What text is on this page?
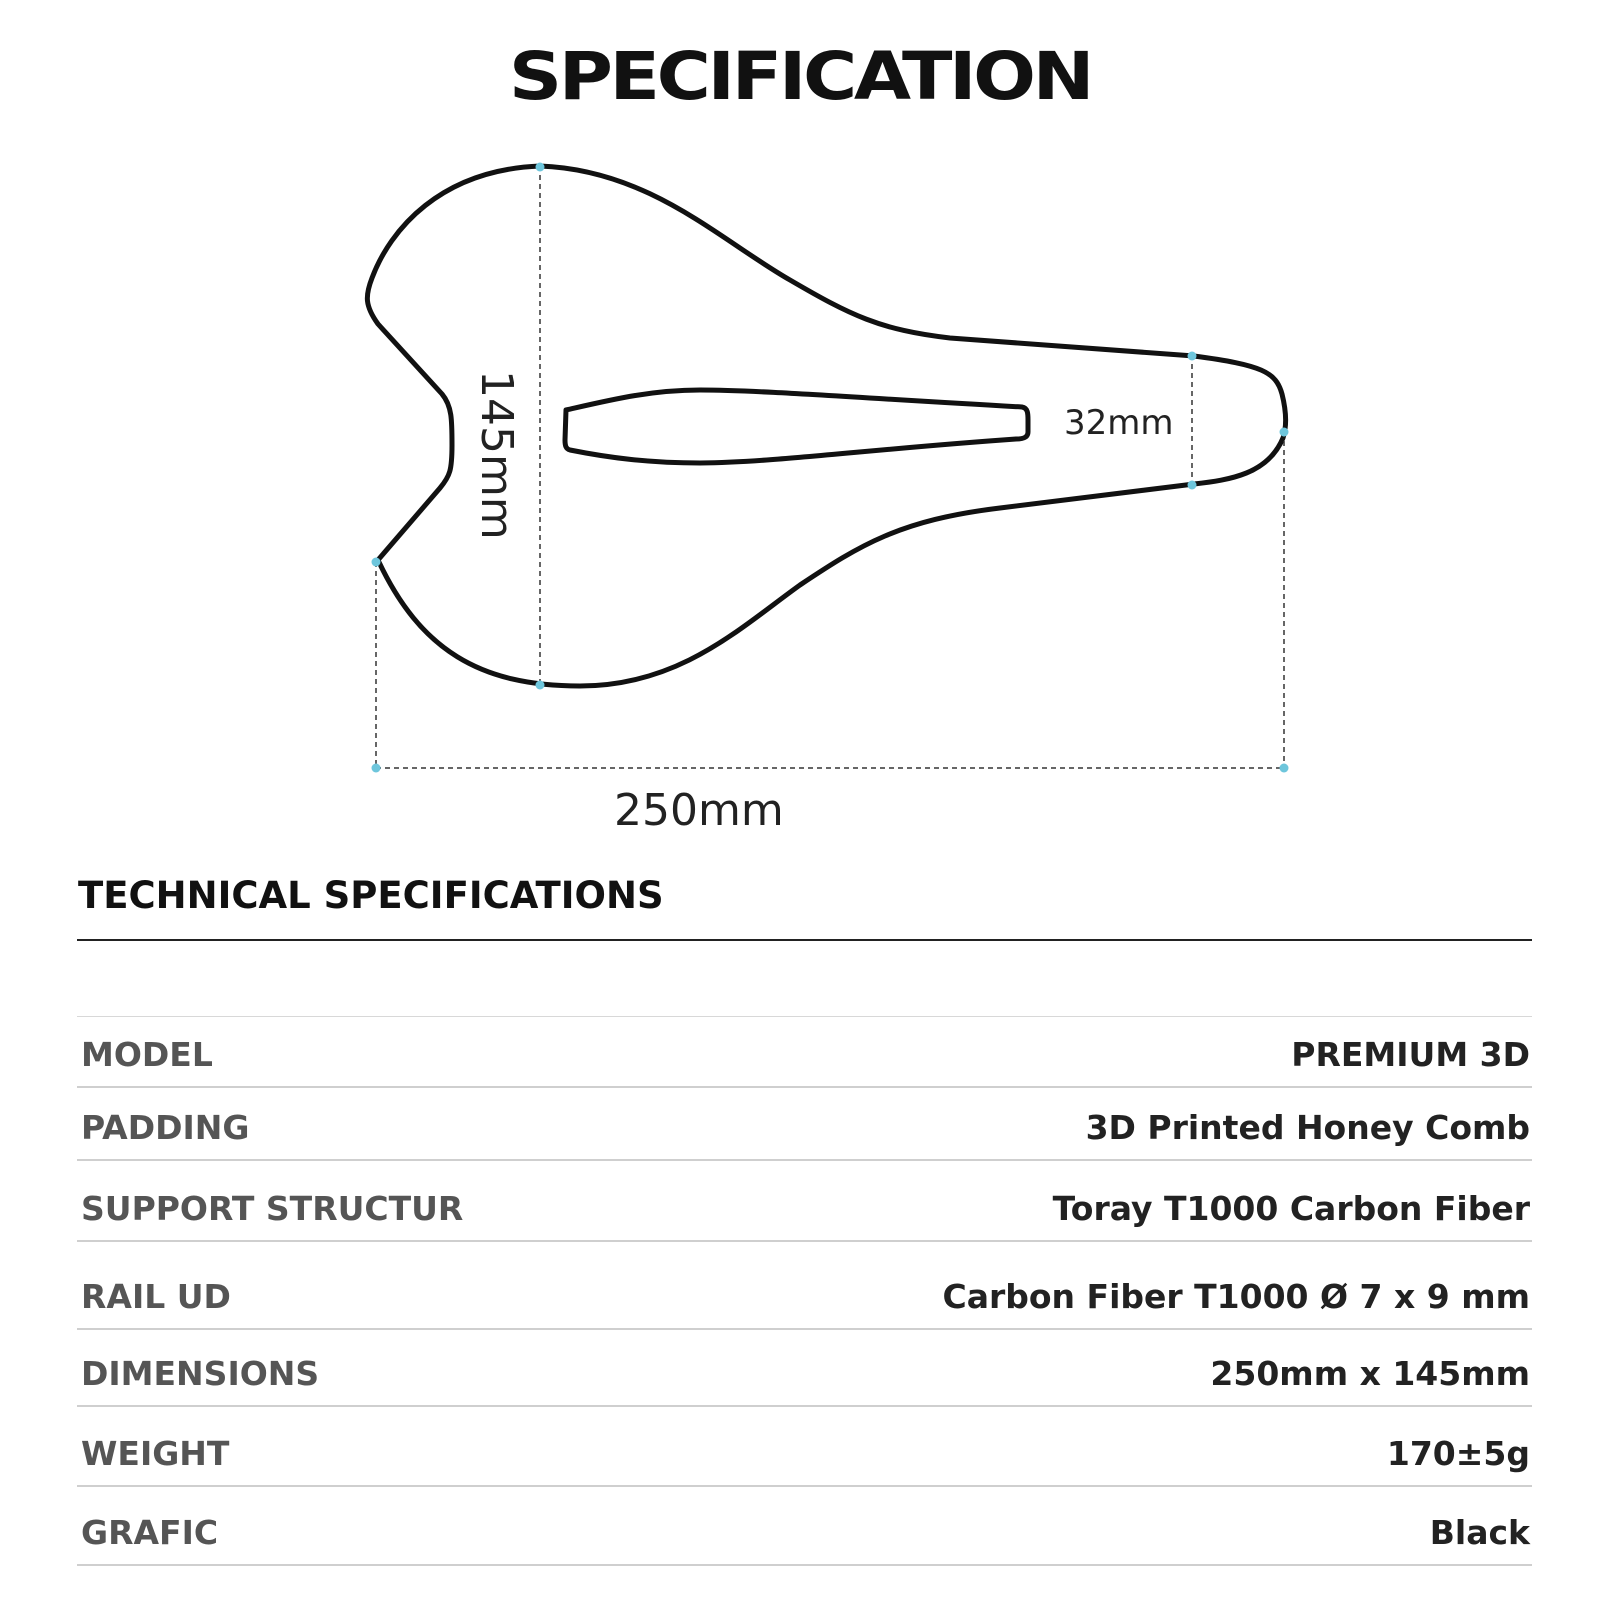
SPECIFICATION
145mm	32mm
250mm
TECHNICAL SPECIFICATIONS
MODEL	PREMIUM 3D
PADDING	3D Printed Honey Comb
SUPPORT STRUCTUR	Toray T1000 Carbon Fiber
RAIL UD	Carbon Fiber T1000 Ø 7 x 9 mm
DIMENSIONS	250mm x 145mm
WEIGHT	170±5g
GRAFIC	Black
